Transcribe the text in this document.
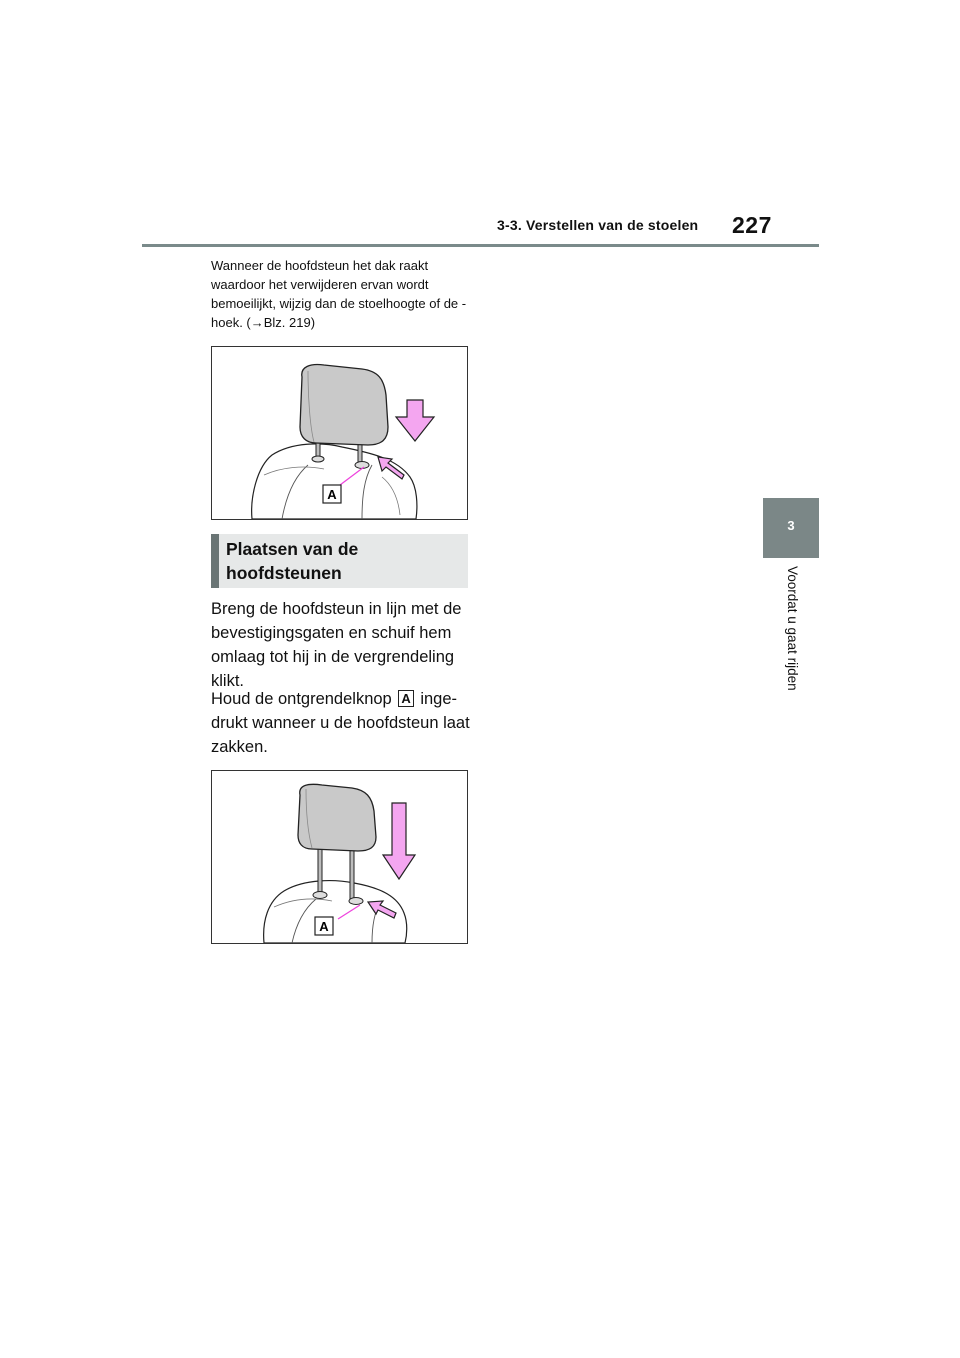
3-3. Verstellen van de stoelen 227
3
Voordat u gaat rijden
Wanneer de hoofdsteun het dak raakt waardoor het verwijderen ervan wordt bemoeilijkt, wijzig dan de stoelhoogte of de -hoek. (→Blz. 219)
A
Plaatsen van de hoofdsteunen
Breng de hoofdsteun in lijn met de bevestigingsgaten en schuif hem omlaag tot hij in de vergrendeling klikt.
Houd de ontgrendelknop A inge- drukt wanneer u de hoofdsteun laat zakken.
A
